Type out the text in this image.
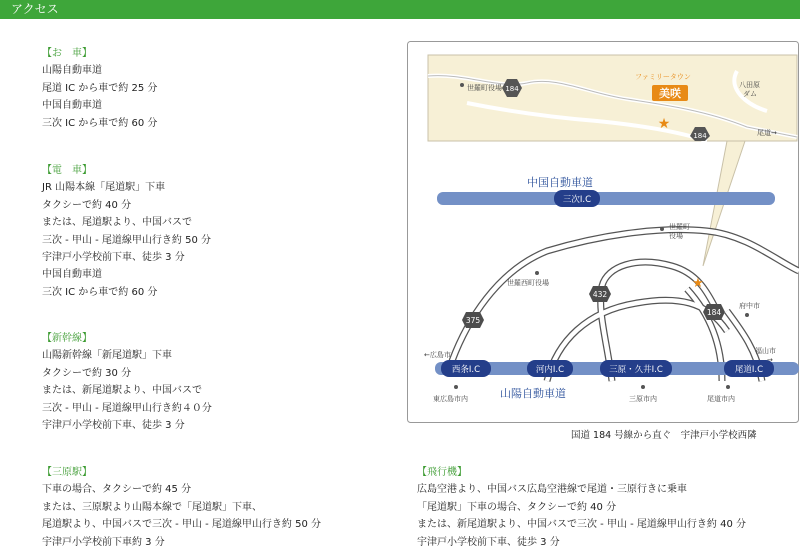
アクセス
【お　車】
山陽自動車道
尾道 IC から車で約 25 分
中国自動車道
三次 IC から車で約 60 分
【電　車】
JR 山陽本線「尾道駅」下車
タクシーで約 40 分
または、尾道駅より、中国バスで
三次 - 甲山 - 尾道線甲山行き約 50 分
宇津戸小学校前下車、徒歩 3 分
中国自動車道
三次 IC から車で約 60 分
【新幹線】
山陽新幹線「新尾道駅」下車
タクシーで約 30 分
または、新尾道駅より、中国バスで
三次 - 甲山 - 尾道線甲山行き約４０分
宇津戸小学校前下車、徒歩 3 分
【三原駅】
下車の場合、タクシーで約 45 分
または、三原駅より山陽本線で「尾道駅」下車、
尾道駅より、中国バスで三次 - 甲山 - 尾道線甲山行き約 50 分
宇津戸小学校前下車約 3 分
【飛行機】
広島空港より、中国バス広島空港線で尾道・三原行きに乗車
「尾道駅」下車の場合、タクシーで約 40 分
または、新尾道駅より、中国バスで三次 - 甲山 - 尾道線甲山行き約 40 分
宇津戸小学校前下車、徒歩 3 分
世羅町役場 184
ファミリータウン
美咲
★
八田原
ダム
184	尾道→
中国自動車道
山陽自動車道
三次I.C
西条I.C	河内I.C	三原・久井I.C	尾道I.C
375
432
184
世羅町
役場
世羅西町役場	★
府中市
←広島市	福山市
→
東広島市内	三原市内	尾道市内
国道 184 号線から直ぐ　宇津戸小学校西隣
